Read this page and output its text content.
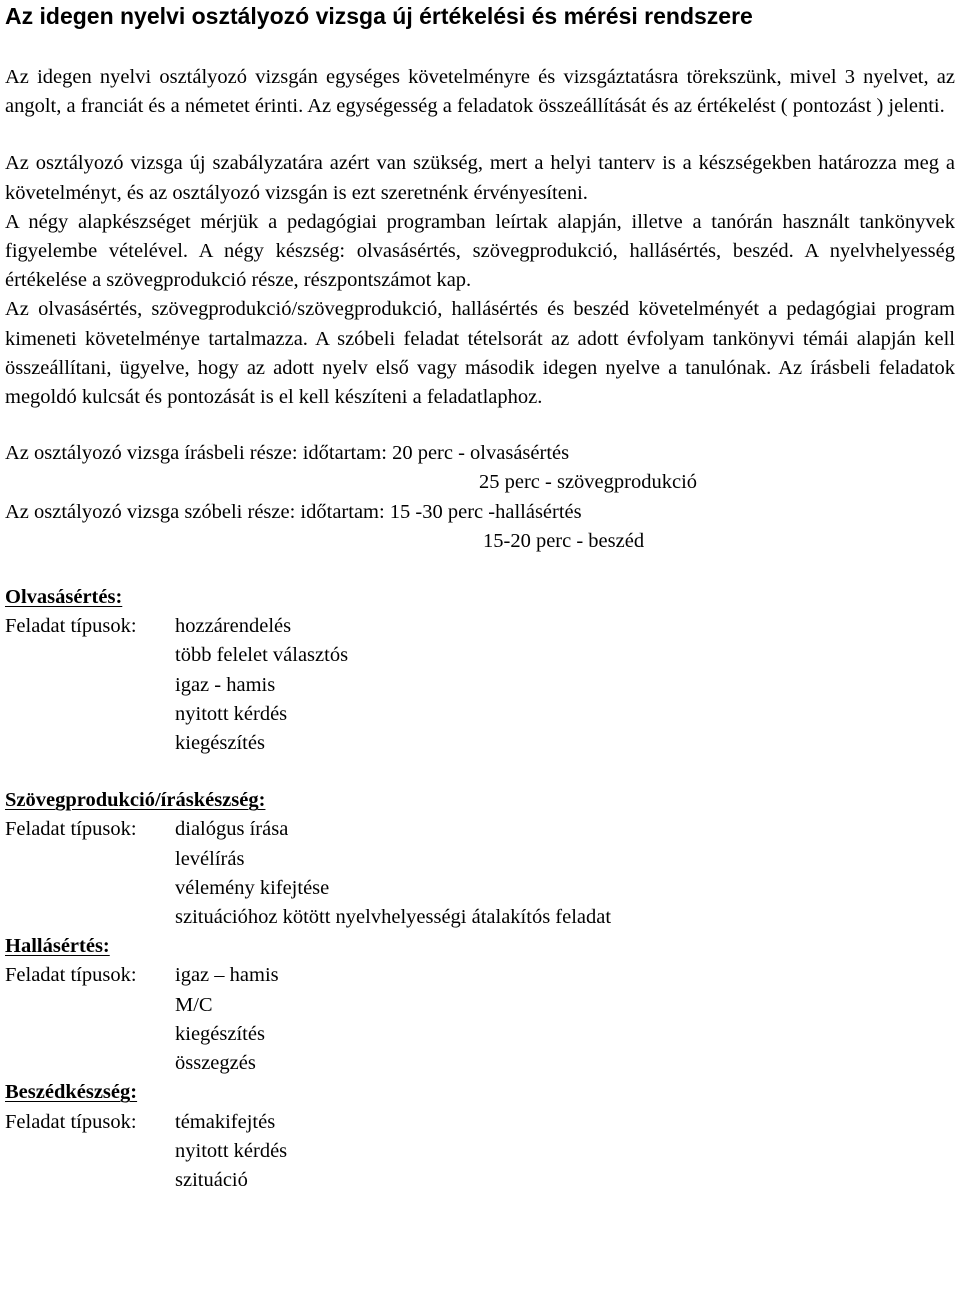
Az idegen nyelvi osztályozó vizsga új értékelési és mérési rendszere

Az idegen nyelvi osztályozó vizsgán egységes követelményre és vizsgáztatásra törekszünk, mivel 3 nyelvet, az angolt, a franciát és a németet érinti. Az egységesség a feladatok összeállítását és az értékelést ( pontozást ) jelenti.

Az osztályozó vizsga új szabályzatára azért van szükség, mert a helyi tanterv is a készségekben határozza meg a követelményt, és az osztályozó vizsgán is ezt szeretnénk érvényesíteni.

A négy alapkészséget mérjük a pedagógiai programban leírtak alapján, illetve a tanórán használt tankönyvek figyelembe vételével. A négy készség: olvasásértés, szövegprodukció, hallásértés, beszéd. A nyelvhelyesség értékelése a szövegprodukció része, részpontszámot kap.

Az olvasásértés, szövegprodukció/szövegprodukció, hallásértés és beszéd követelményét a pedagógiai program kimeneti követelménye tartalmazza. A szóbeli feladat tételsorát az adott évfolyam tankönyvi témái alapján kell összeállítani, ügyelve, hogy az adott nyelv első vagy második idegen nyelve a tanulónak. Az írásbeli feladatok megoldó kulcsát és pontozását is el kell készíteni a feladatlaphoz.

Az osztályozó vizsga írásbeli része: időtartam: 20 perc - olvasásértés
25 perc - szövegprodukció
Az osztályozó vizsga szóbeli része: időtartam: 15 -30 perc -hallásértés
15-20 perc - beszéd
Olvasásértés:
Feladat típusok:hozzárendelés
több felelet választós
igaz - hamis
nyitott kérdés
kiegészítés
Szövegprodukció/íráskészség:
Feladat típusok:dialógus írása
levélírás
vélemény kifejtése
szituációhoz kötött nyelvhelyességi átalakítós feladat
Hallásértés:
Feladat típusok:igaz – hamis
M/C
kiegészítés
összegzés
Beszédkészség:
Feladat típusok:témakifejtés
nyitott kérdés
szituáció
